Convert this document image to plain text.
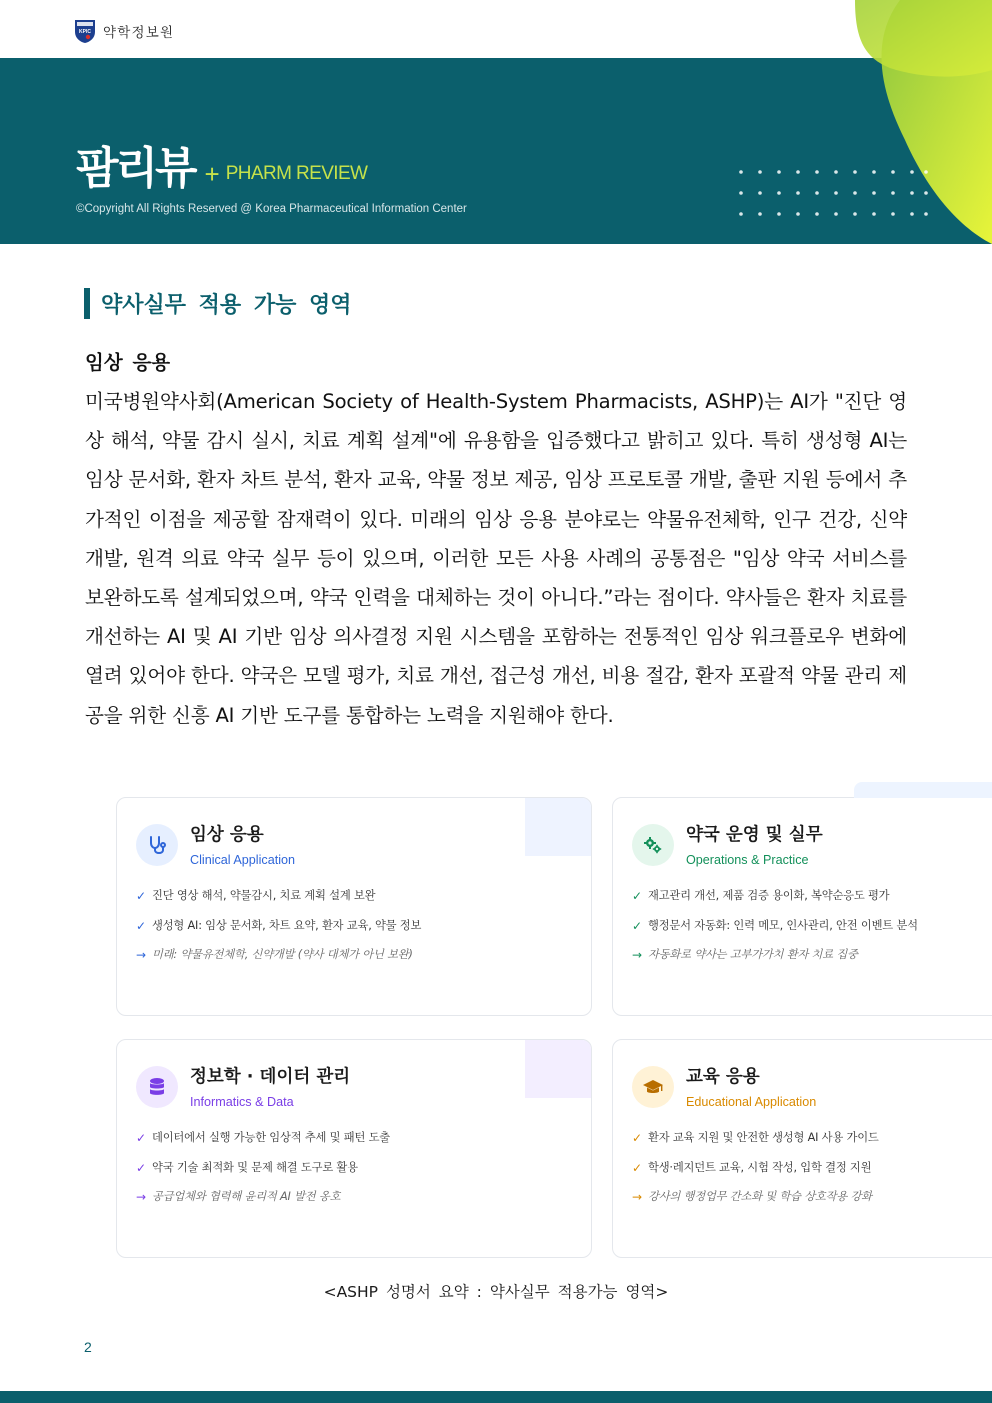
KPIC 약학정보원
팜리뷰 + PHARM REVIEW
©Copyright All Rights Reserved @ Korea Pharmaceutical Information Center
약사실무 적용 가능 영역
임상 응용

미국병원약사회(American Society of Health-System Pharmacists, ASHP)는 AI가 "진단 영상 해석, 약물 감시 실시, 치료 계획 설계"에 유용함을 입증했다고 밝히고 있다. 특히 생성형 AI는 임상 문서화, 환자 차트 분석, 환자 교육, 약물 정보 제공, 임상 프로토콜 개발, 출판 지원 등에서 추가적인 이점을 제공할 잠재력이 있다. 미래의 임상 응용 분야로는 약물유전체학, 인구 건강, 신약 개발, 원격 의료 약국 실무 등이 있으며, 이러한 모든 사용 사례의 공통점은 "임상 약국 서비스를 보완하도록 설계되었으며, 약국 인력을 대체하는 것이 아니다.”라는 점이다. 약사들은 환자 치료를 개선하는 AI 및 AI 기반 임상 의사결정 지원 시스템을 포함하는 전통적인 임상 워크플로우 변화에 열려 있어야 한다. 약국은 모델 평가, 치료 개선, 접근성 개선, 비용 절감, 환자 포괄적 약물 관리 제공을 위한 신흥 AI 기반 도구를 통합하는 노력을 지원해야 한다.

임상 응용
Clinical Application
✓ 진단 영상 해석, 약물감시, 치료 계획 설계 보완
✓ 생성형 AI: 임상 문서화, 차트 요약, 환자 교육, 약물 정보
→ 미래: 약물유전체학, 신약개발 (약사 대체가 아닌 보완)
약국 운영 및 실무
Operations & Practice
✓ 재고관리 개선, 제품 검증 용이화, 복약순응도 평가
✓ 행정문서 자동화: 인력 메모, 인사관리, 안전 이벤트 분석
→ 자동화로 약사는 고부가가치 환자 치료 집중
정보학 · 데이터 관리
Informatics & Data
✓ 데이터에서 실행 가능한 임상적 추세 및 패턴 도출
✓ 약국 기술 최적화 및 문제 해결 도구로 활용
→ 공급업체와 협력해 윤리적 AI 발전 옹호
교육 응용
Educational Application
✓ 환자 교육 지원 및 안전한 생성형 AI 사용 가이드
✓ 학생·레지던트 교육, 시험 작성, 입학 결정 지원
→ 강사의 행정업무 간소화 및 학습 상호작용 강화
<ASHP 성명서 요약 : 약사실무 적용가능 영역>
2
